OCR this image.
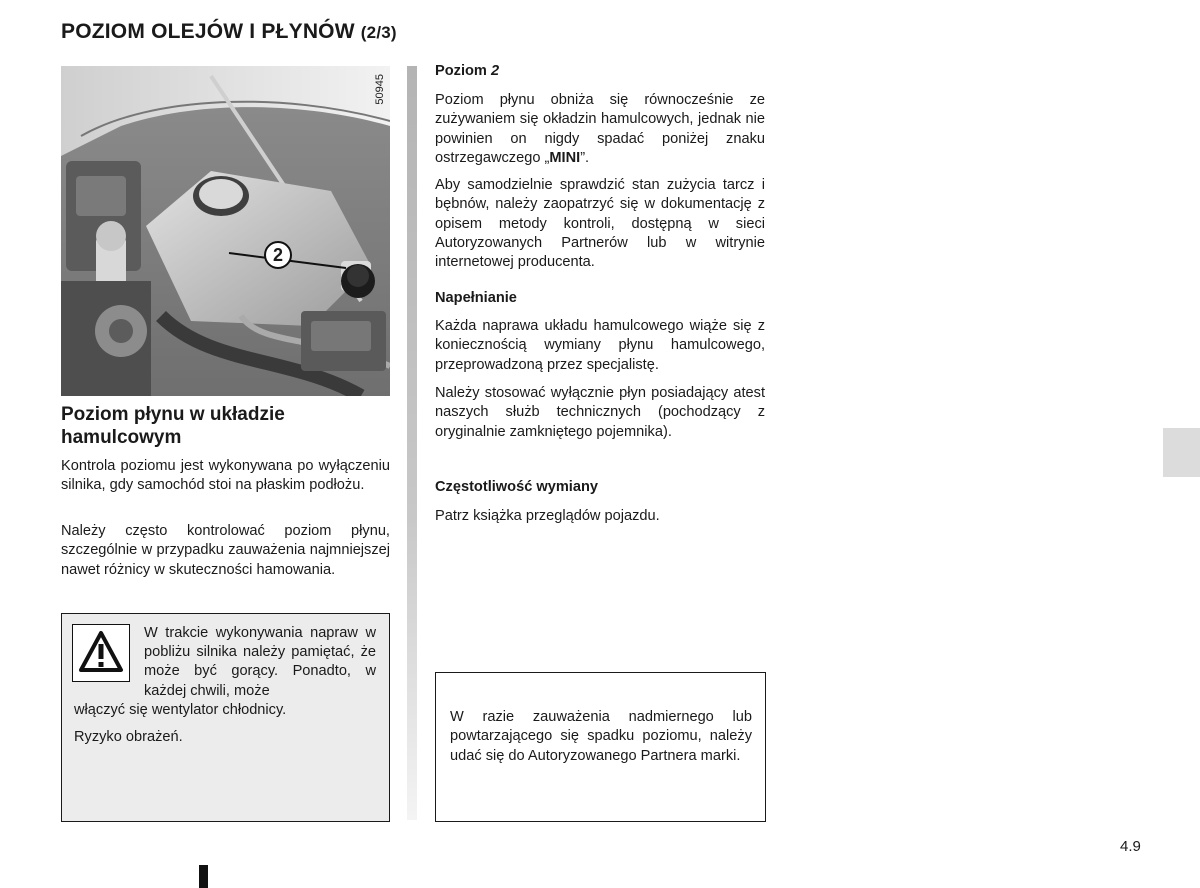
POZIOM OLEJÓW I PŁYNÓW (2/3)
50945
2
Poziom płynu w układzie hamulcowym

Kontrola poziomu jest wykonywana po wyłączeniu silnika, gdy samochód stoi na płaskim podłożu.

Należy często kontrolować poziom płynu, szczególnie w przypadku zauważenia najmniejszej nawet różnicy w skuteczności hamowania.

W trakcie wykonywania napraw w pobliżu silnika należy pamiętać, że może być gorący. Ponadto, w każdej chwili, może

włączyć się wentylator chłodnicy.

Ryzyko obrażeń.

Poziom 2

Poziom płynu obniża się równocześnie ze zużywaniem się okładzin hamulcowych, jednak nie powinien on nigdy spadać poniżej znaku ostrzegawczego „MINI”.

Aby samodzielnie sprawdzić stan zużycia tarcz i bębnów, należy zaopatrzyć się w dokumentację z opisem metody kontroli, dostępną w sieci Autoryzowanych Partnerów lub w witrynie internetowej producenta.

Napełnianie

Każda naprawa układu hamulcowego wiąże się z koniecznością wymiany płynu hamulcowego, przeprowadzoną przez specjalistę.

Należy stosować wyłącznie płyn posiadający atest naszych służb technicznych (pochodzący z oryginalnie zamkniętego pojemnika).

Częstotliwość wymiany

Patrz książka przeglądów pojazdu.

W razie zauważenia nadmiernego lub powtarzającego się spadku poziomu, należy udać się do Autoryzowanego Partnera marki.

4.9
